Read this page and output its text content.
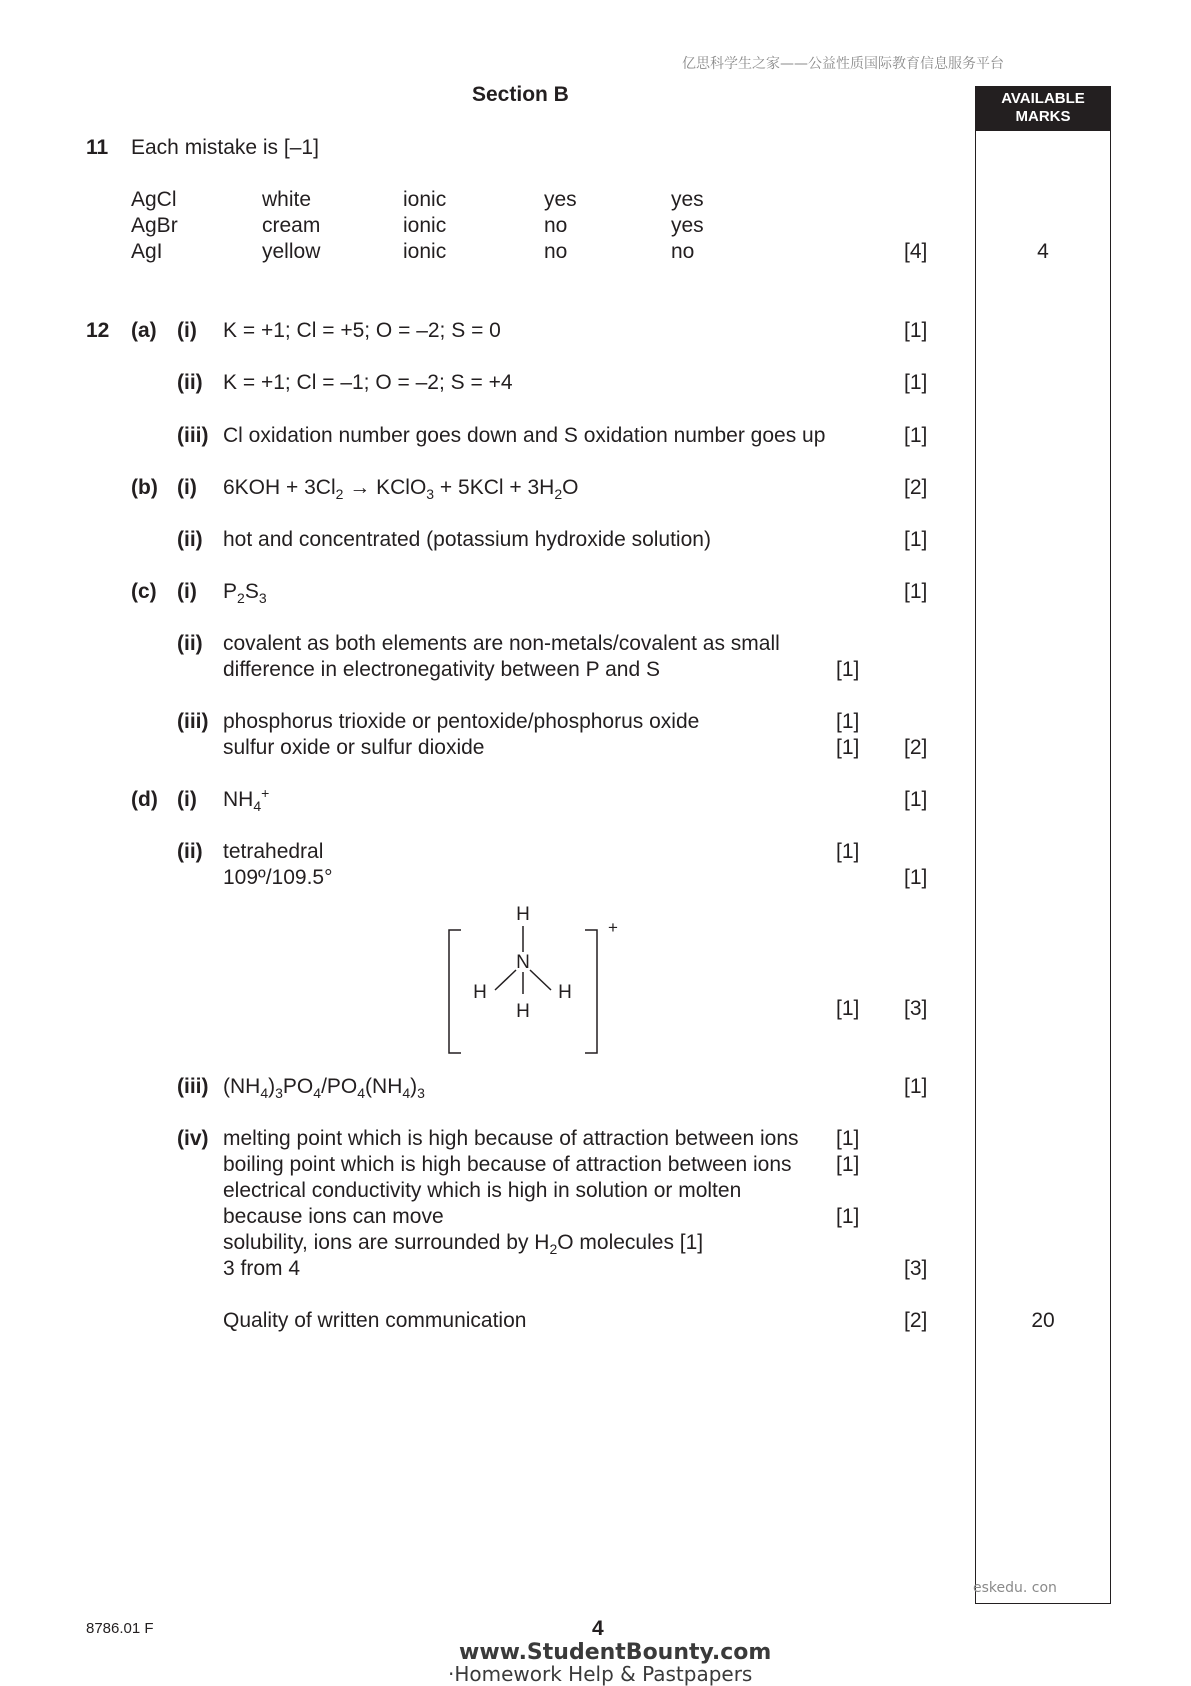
亿思科学生之家——公益性质国际教育信息服务平台
Section B	AVAILABLE
MARKS
11 Each mistake is [–1]
AgCl	white	ionic	yes	yes
AgBr	cream	ionic	no	yes
AgI	yellow	ionic	no	no	[4]	4
12 (a) (i) K = +1; Cl = +5; O = –2; S = 0	[1]
(ii) K = +1; Cl = –1; O = –2; S = +4	[1]
(iii) Cl oxidation number goes down and S oxidation number goes up	[1]
(b) (i) $6KOH + 3Cl_2$ → KClO$_3$ + $5KCl + 3H_2O$	[2]
(ii) hot and concentrated (potassium hydroxide solution)	[1]
(c) (i) $P_2S_3$	[1]
(ii) covalent as both elements are non-metals/covalent as small
difference in electronegativity between P and S	[1]
(iii) phosphorus trioxide or pentoxide/phosphorus oxide	[1]
sulfur oxide or sulfur dioxide	[1] [2]
(d) (i) $NH_4^+$	[1]
(ii) tetrahedral	[1]
109º/109.5°	[1]
H
N
H	H
H
+
[1] [3]
(iii) $(NH_4)_3PO_4/PO_4(NH_4)_3$	[1]
(iv) melting point which is high because of attraction between ions [1]
boiling point which is high because of attraction between ions [1]
electrical conductivity which is high in solution or molten
because ions can move	[1]
solubility, ions are surrounded by $H_2O$ molecules [1]
3 from 4	[3]
Quality of written communication	[2]	20
eskedu. con
8786.01 F	4
www.StudentBounty.com
·Homework Help & Pastpapers
